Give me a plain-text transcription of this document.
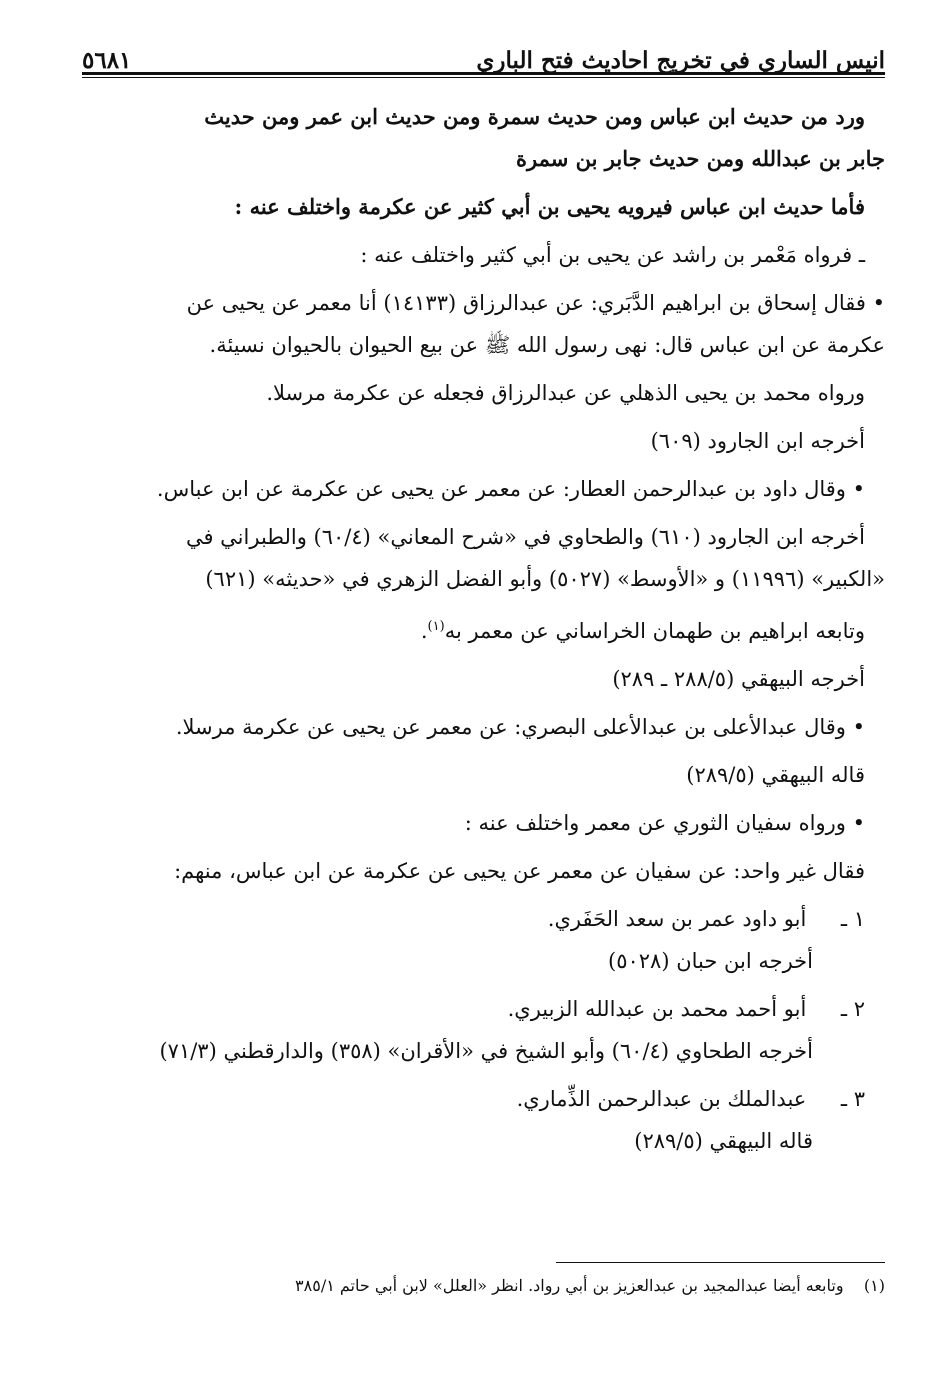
انيس الساري في تخريج احاديث فتح الباري
٥٦٨١
ورد من حديث ابن عباس ومن حديث سمرة ومن حديث ابن عمر ومن حديث
جابر بن عبدالله ومن حديث جابر بن سمرة
فأما حديث ابن عباس فيرويه يحيى بن أبي كثير عن عكرمة واختلف عنه :
ـ فرواه مَعْمر بن راشد عن يحيى بن أبي كثير واختلف عنه :
• فقال إسحاق بن ابراهيم الدَّبَري: عن عبدالرزاق (١٤١٣٣) أنا معمر عن يحيى عن
عكرمة عن ابن عباس قال: نهى رسول الله ﷺ عن بيع الحيوان بالحيوان نسيئة.
ورواه محمد بن يحيى الذهلي عن عبدالرزاق فجعله عن عكرمة مرسلا.
أخرجه ابن الجارود (٦٠٩)
• وقال داود بن عبدالرحمن العطار: عن معمر عن يحيى عن عكرمة عن ابن عباس.
أخرجه ابن الجارود (٦١٠) والطحاوي في «شرح المعاني» (٦٠/٤) والطبراني في
«الكبير» (١١٩٩٦) و «الأوسط» (٥٠٢٧) وأبو الفضل الزهري في «حديثه» (٦٢١)
وتابعه ابراهيم بن طهمان الخراساني عن معمر به$^{(١)}$.
أخرجه البيهقي (٢٨٨/٥ ـ ٢٨٩)
• وقال عبدالأعلى بن عبدالأعلى البصري: عن معمر عن يحيى عن عكرمة مرسلا.
قاله البيهقي (٢٨٩/٥)
• ورواه سفيان الثوري عن معمر واختلف عنه :
فقال غير واحد: عن سفيان عن معمر عن يحيى عن عكرمة عن ابن عباس، منهم:
١ ـ أبو داود عمر بن سعد الحَفَري.
أخرجه ابن حبان (٥٠٢٨)
٢ ـ أبو أحمد محمد بن عبدالله الزبيري.
أخرجه الطحاوي (٦٠/٤) وأبو الشيخ في «الأقران» (٣٥٨) والدارقطني (٧١/٣)
٣ ـ عبدالملك بن عبدالرحمن الذِّماري.
قاله البيهقي (٢٨٩/٥)
(١)    وتابعه أيضا عبدالمجيد بن عبدالعزيز بن أبي رواد. انظر «العلل» لابن أبي حاتم ٣٨٥/١
